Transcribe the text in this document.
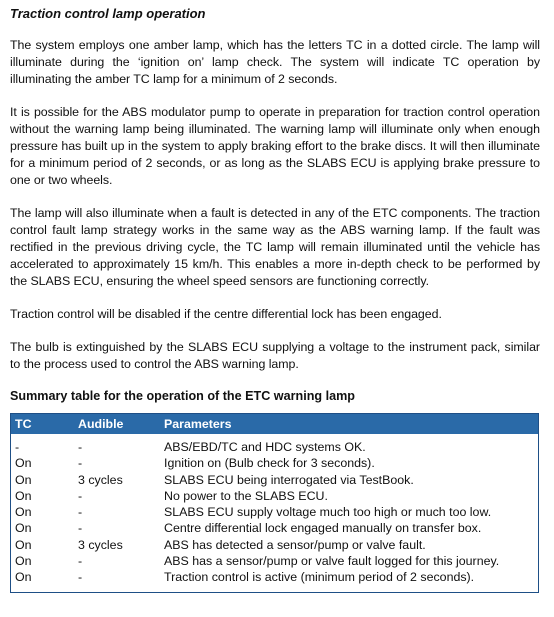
Traction control lamp operation

The system employs one amber lamp, which has the letters TC in a dotted circle. The lamp will illuminate during the ‘ignition on’ lamp check. The system will indicate TC operation by illuminating the amber TC lamp for a minimum of 2 seconds.

It is possible for the ABS modulator pump to operate in preparation for traction control operation without the warning lamp being illuminated. The warning lamp will illuminate only when enough pressure has built up in the system to apply braking effort to the brake discs. It will then illuminate for a minimum period of 2 seconds, or as long as the SLABS ECU is applying brake pressure to one or two wheels.

The lamp will also illuminate when a fault is detected in any of the ETC components. The traction control fault lamp strategy works in the same way as the ABS warning lamp. If the fault was rectified in the previous driving cycle, the TC lamp will remain illuminated until the vehicle has accelerated to approximately 15 km/h. This enables a more in-depth check to be performed by the SLABS ECU, ensuring the wheel speed sensors are functioning correctly.

Traction control will be disabled if the centre differential lock has been engaged.

The bulb is extinguished by the SLABS ECU supplying a voltage to the instrument pack, similar to the process used to control the ABS warning lamp.

Summary table for the operation of the ETC warning lamp
TC	Audible	Parameters
-	-	ABS/EBD/TC and HDC systems OK.
On	-	Ignition on (Bulb check for 3 seconds).
On	3 cycles	SLABS ECU being interrogated via TestBook.
On	-	No power to the SLABS ECU.
On	-	SLABS ECU supply voltage much too high or much too low.
On	-	Centre differential lock engaged manually on transfer box.
On	3 cycles	ABS has detected a sensor/pump or valve fault.
On	-	ABS has a sensor/pump or valve fault logged for this journey.
On	-	Traction control is active (minimum period of 2 seconds).
